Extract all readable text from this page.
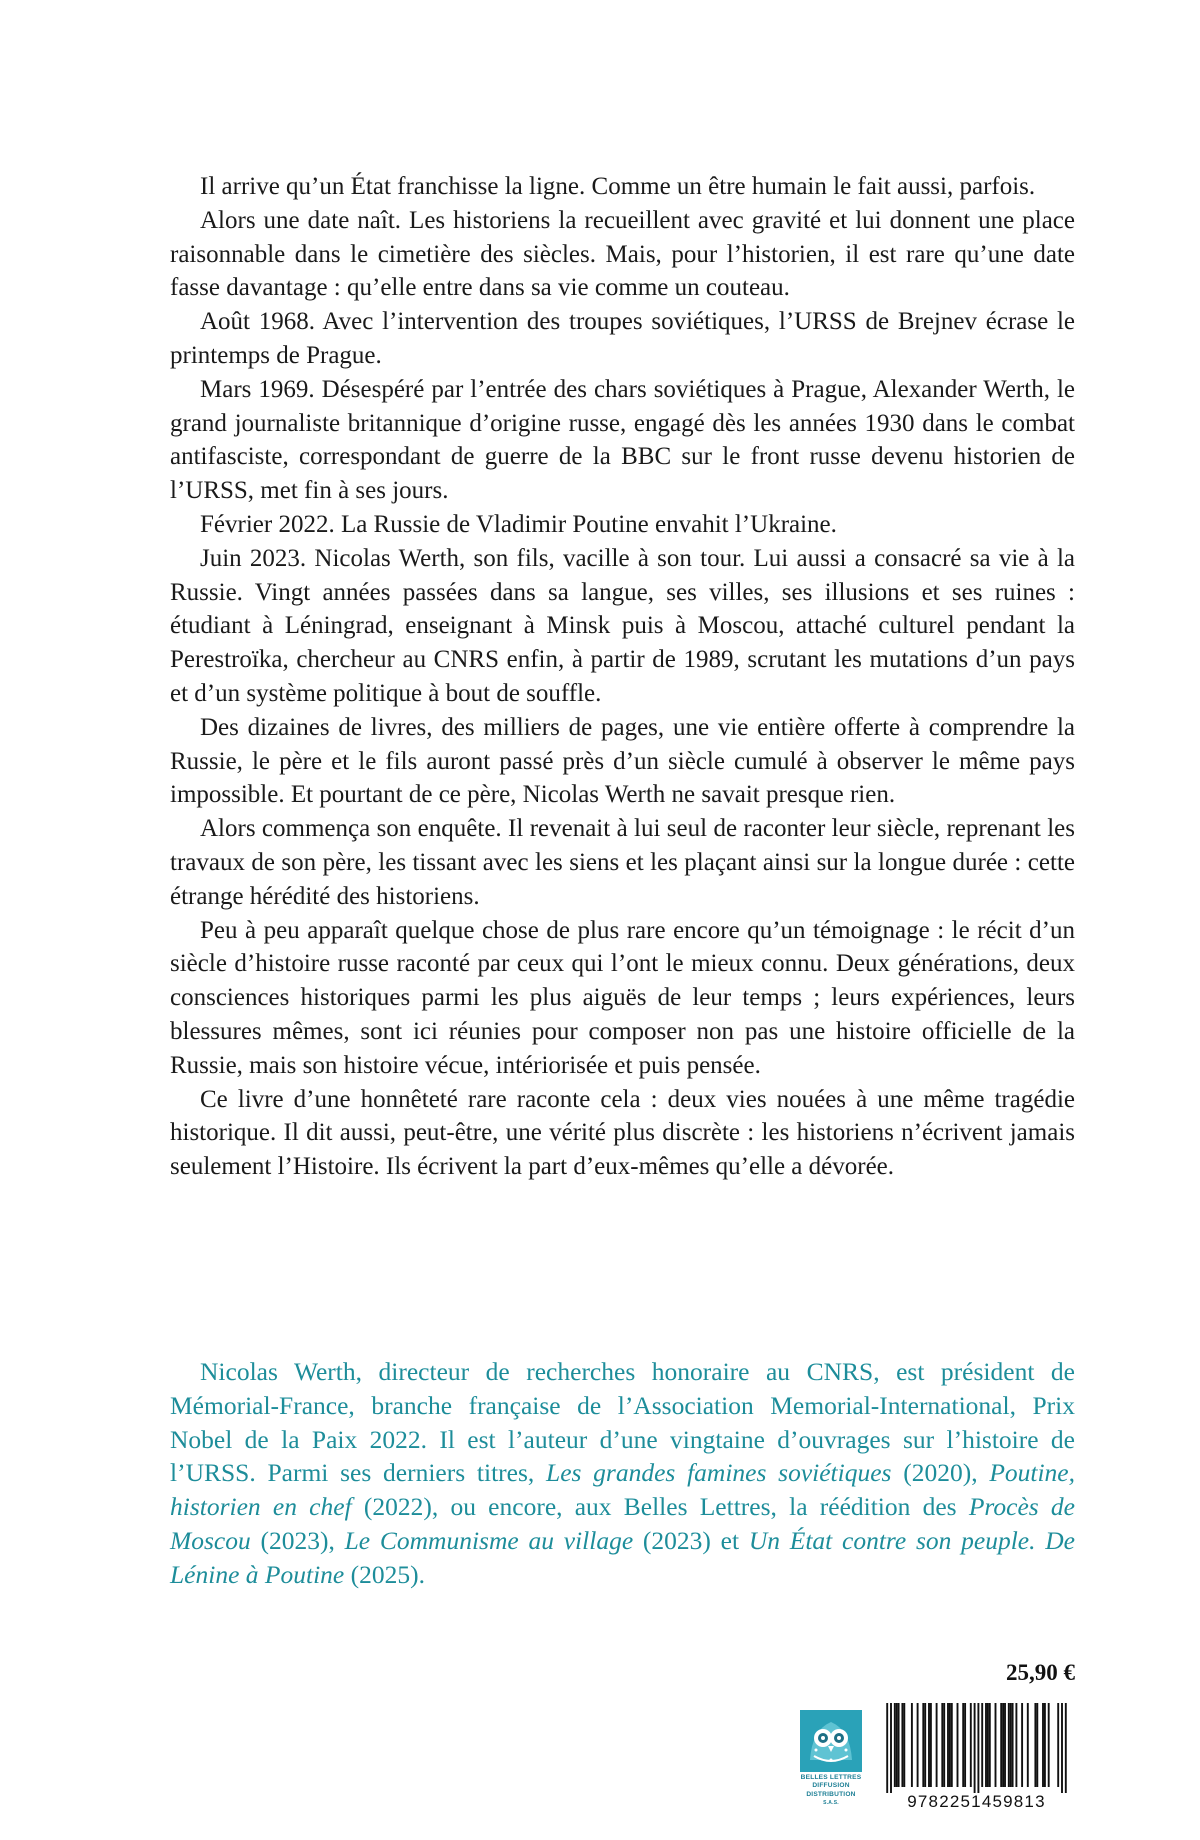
Il arrive qu’un État franchisse la ligne. Comme un être humain le fait aussi, parfois.

Alors une date naît. Les historiens la recueillent avec gravité et lui donnent une place raisonnable dans le cimetière des siècles. Mais, pour l’historien, il est rare qu’une date fasse davantage : qu’elle entre dans sa vie comme un couteau.

Août 1968. Avec l’intervention des troupes soviétiques, l’URSS de Brejnev écrase le printemps de Prague.

Mars 1969. Désespéré par l’entrée des chars soviétiques à Prague, Alexander Werth, le grand journaliste britannique d’origine russe, engagé dès les années 1930 dans le combat antifasciste, correspondant de guerre de la BBC sur le front russe devenu historien de l’URSS, met fin à ses jours.

Février 2022. La Russie de Vladimir Poutine envahit l’Ukraine.

Juin 2023. Nicolas Werth, son fils, vacille à son tour. Lui aussi a consacré sa vie à la Russie. Vingt années passées dans sa langue, ses villes, ses illusions et ses ruines : étudiant à Léningrad, enseignant à Minsk puis à Moscou, attaché culturel pendant la Perestroïka, chercheur au CNRS enfin, à partir de 1989, scrutant les mutations d’un pays et d’un système politique à bout de souffle.

Des dizaines de livres, des milliers de pages, une vie entière offerte à comprendre la Russie, le père et le fils auront passé près d’un siècle cumulé à observer le même pays impossible. Et pourtant de ce père, Nicolas Werth ne savait presque rien.

Alors commença son enquête. Il revenait à lui seul de raconter leur siècle, reprenant les travaux de son père, les tissant avec les siens et les plaçant ainsi sur la longue durée : cette étrange hérédité des historiens.

Peu à peu apparaît quelque chose de plus rare encore qu’un témoignage : le récit d’un siècle d’histoire russe raconté par ceux qui l’ont le mieux connu. Deux générations, deux consciences historiques parmi les plus aiguës de leur temps ; leurs expériences, leurs blessures mêmes, sont ici réunies pour composer non pas une histoire officielle de la Russie, mais son histoire vécue, intériorisée et puis pensée.

Ce livre d’une honnêteté rare raconte cela : deux vies nouées à une même tragédie historique. Il dit aussi, peut-être, une vérité plus discrète : les historiens n’écrivent jamais seulement l’Histoire. Ils écrivent la part d’eux-mêmes qu’elle a dévorée.

Nicolas Werth, directeur de recherches honoraire au CNRS, est président de Mémorial-France, branche française de l’Association Memorial-International, Prix Nobel de la Paix 2022. Il est l’auteur d’une vingtaine d’ouvrages sur l’histoire de l’URSS. Parmi ses derniers titres, Les grandes famines soviétiques (2020), Poutine, historien en chef (2022), ou encore, aux Belles Lettres, la réédition des Procès de Moscou (2023), Le Communisme au village (2023) et Un État contre son peuple. De Lénine à Poutine (2025).

25,90 €
BELLES LETTRES
DIFFUSION
DISTRIBUTION
S.A.S.	9782251459813
